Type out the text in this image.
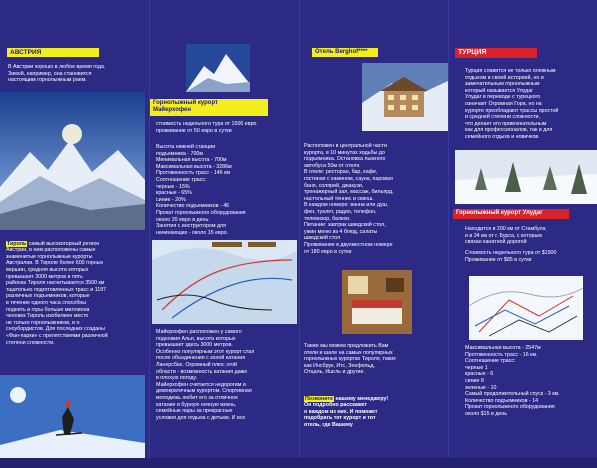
АВСТРИЯ
В Австрии хорошо в любое время года.
Зимой, например, она становится
настоящим горнолыжным раем.

Тироль самый высокогорный регион
Австрии, в нем расположены самые
знаменитые горнолыжные курорты
Австралии. В Тироле более 600 горных
вершин, средняя высота которых
превышает 3000 метров и пять
районах Тироля насчитывается 3500 км
тщательно подготовленных трасс и 1187
различных подъемников, которые
в течение одного часа способны
поднять в горы больше миллиона
человек Тироль изобилиен место
не только горнолыжников, и о
сноубордистов. Для последних созданы
«Фан-парки» с препятствиями различной
степени сложности.

Горнолыжный курорт
Майерхофен
стоимость недельного тура от 1500 евро
проживание от 50 евро в сутки
Высота нижней станции
подъемника - 700м
Минимальная высота - 700м
Максимальная высота - 3286м
Протяженность трасс - 146 км
Соотношение трасс:
черные - 15%
красные - 65%
синие - 20%
Количество подъемников - 46
Прокат горнолыжного оборудования
около 20 евро в день.
Занятия с инструктором для
начинающих - около 15 евро.
Майерхофен расположен у самого
подножия Альп, высота которых
превышает здесь 3000 метров.
Особенно популярным этот курорт стал
после объединения с зоной катания
Ланерсбах. Огромный плюс этой
области - возможность катания даже
в плохую погоду.
Майерхофен считается недорогим и
демократичным курортом. Спортивная
молодежь любит его за отличное
катание и бурную ночную жизнь,
семейные пары за прекрасные
условия для отдыха с детьми. И все
Отель Berghof****
Расположен в центральной части
курорта, в 10 минутах ходьбы до
подъемника. Остановка лыжного
автобуса 50м от отеля.
В отеле: ресторан, бар, кафе,
гостиная с камином, сауна, паровая
баня, солярий, джакузи,
тренажерный зал, массаж, бильярд,
настольный теннис и сквош.
В каждом номере: ванна или душ,
фен, туалет, радио, телефон,
телевизор, балкон.
Питание: завтрак шведский стол,
ужин меню из 4 блюд, салаты
шведский стол
Проживание в двухместном номере
от 180 евро в сутки
Также мы можем предложить Вам
отели и шале на самых популярных
горнолыжных курортах Тироля, таких
как Инсбрук, Итс, Зеефельд,
Отцаль, Ишгль и другие.

Позвоните нашему менеджеру!
Он подробно расскажет
о каждом из них. И поможет
подобрать тот курорт и тот
отель, где Вашему

ТУРЦИЯ
Турция славится не только пляжным
отдыхом и своей историей, но и
замечательным горнолыжным
который называется Улудаг
Улудаг в переводе с турецкого
означает Огромная Гора, но на
курорте преобладают трассы простой
и средней степени сложности,
что делает его привлекательным
как для профессионалов, так и для
семейного отдыха и новичков.
Горнолыжный курорт Улудаг
Находится в 200 км от Стамбула
и в 34 км от г. Бурса, с которым
связан канатной дорогой
Стоимость недельного тура от $1500
Проживание от $85 в сутки
Максимальная высота - 2547м
Протяженность трасс - 16 км.
Соотношение трасс:
черные 1
красные - 6
синие 8
зеленые - 10
Самый продолжительный спуск - 3 км.
Количество подъемников - 14
Прокат горнолыжного оборудования
около $15 в день
